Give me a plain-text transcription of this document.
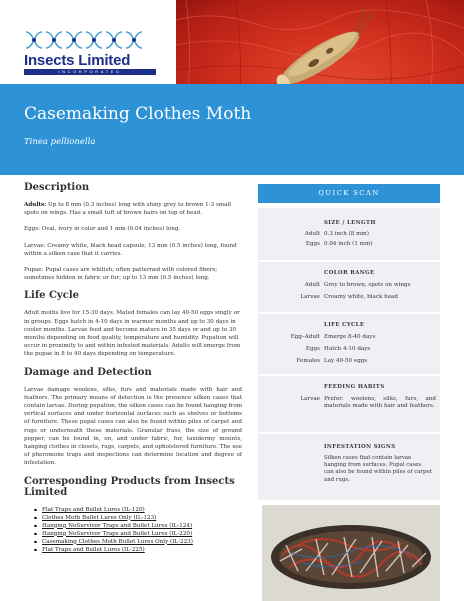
Insects Limited
INCORPORATED
Casemaking Clothes Moth
Tinea pellionella
Description

Adults: Up to 8 mm (0.3 inches) long with shiny grey to brown 1-3 small spots on wings. Has a small tuft of brown hairs on top of head.

Eggs: Oval, ivory in color and 1 mm (0.04 inches) long.

Larvae: Creamy white, black head capsule, 13 mm (0.5 inches) long, found within a silken case that it carries.

Pupae: Pupal cases are whitish; often patterned with colored fibers; sometimes hidden in fabric or fur; up to 13 mm (0.5 inches) long.

Life Cycle

Adult moths live for 15-30 days. Mated females can lay 40-50 eggs singly or in groups. Eggs hatch in 4-10 days in warmer months and up to 30 days in cooler months. Larvae feed and become mature in 35 days or and up to 30 months depending on food quality, temperature and humidity. Pupation will occur in proximity to and within infested materials. Adults will emerge from the pupae in 8 to 40 days depending on temperature.

Damage and Detection

Larvae damage woolens, silks, furs and materials made with hair and feathers. The primary means of detection is the presence silken cases that contain larvae. During pupation, the silken cases can be found hanging from vertical surfaces and under horizontal surfaces such as shelves or bottoms of furniture. These pupal cases can also be found within piles of carpet and rugs or underneath these materials. Granular frass, the size of ground pepper, can be found in, on, and under fabric, fur, taxidermy mounts, hanging clothes in closets, rugs, carpets, and upholstered furniture. The use of pheromone traps and inspections can determine location and degree of infestation.

Corresponding Products from Insects Limited
Flat Traps and Bullet Lures (IL-120)
Clothes Moth Bullet Lures Only (IL-123)
Hanging NoSurvivor Traps and Bullet Lures (IL-124)
Hanging NoSurvivor Traps and Bullet Lures (IL-220)
Casemaking Clothes Moth Bullet Lures Only (IL-223)
Flat Traps and Bullet Lures (IL-225)
QUICK SCAN
SIZE / LENGTH
Adult 0.3 inch (8 mm)
Eggs 0.04 inch (1 mm)
COLOR RANGE
Adult Grey to brown, spots on wings
Larvae Creamy white, black head
LIFE CYCLE
Egg–Adult Emerge 8-40 days
Eggs Hatch 4-10 days
Females Lay 40-50 eggs
FEEDING HABITS
Larvae Prefer: woolens, silks, furs, and materials made with hair and feathers.
INFESTATION SIGNS
Silken cases that contain larvae hanging from surfaces. Pupal cases can also be found within piles of carpet and rugs.
